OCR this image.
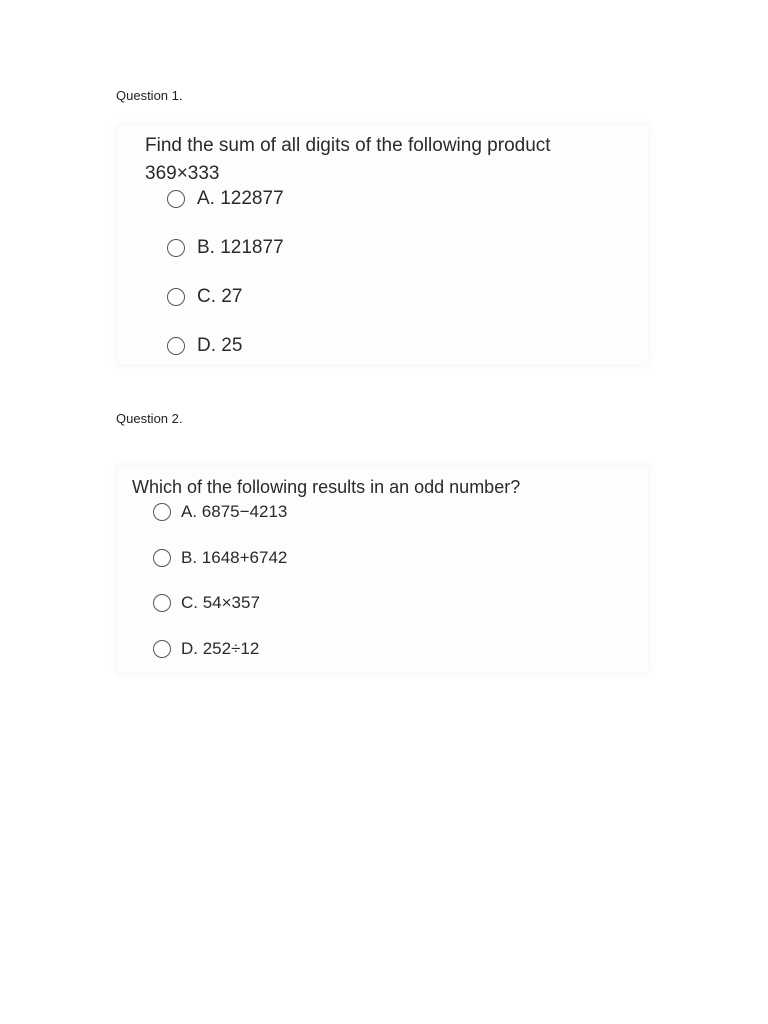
Question 1.
Find the sum of all digits of the following product
369×333
A. 122877
B. 121877
C. 27
D. 25
Question 2.
Which of the following results in an odd number?
A. 6875−4213
B. 1648+6742
C. 54×357
D. 252÷12
